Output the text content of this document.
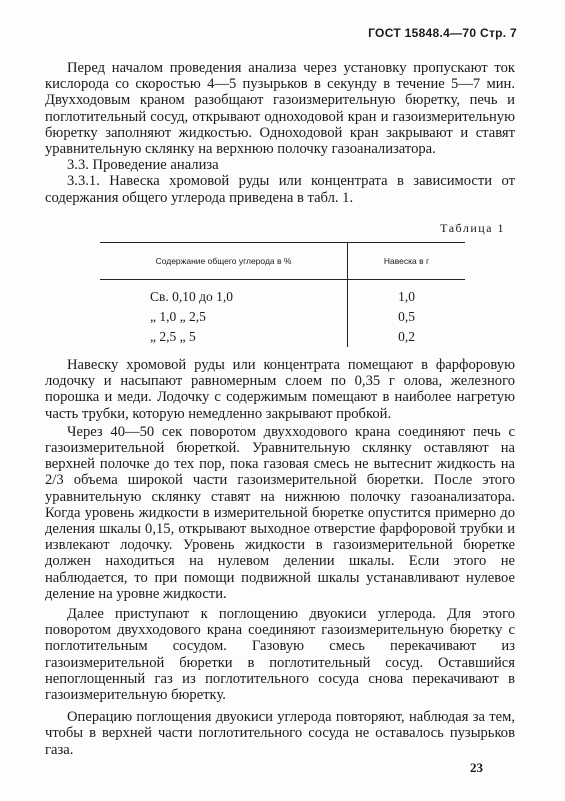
ГОСТ 15848.4—70 Стр. 7

Перед началом проведения анализа через установку пропускают ток кислорода со скоростью 4—5 пузырьков в секунду в течение 5—7 мин. Двухходовым краном разобщают газоизмерительную бюретку, печь и поглотительный сосуд, открывают одноходовой кран и газоизмерительную бюретку заполняют жидкостью. Одноходовой кран закрывают и ставят уравнительную склянку на верхнюю полочку газоанализатора.

3.3. Проведение анализа

3.3.1. Навеска хромовой руды или концентрата в зависимости от содержания общего углерода приведена в табл. 1.

Таблица 1
Содержание общего углерода в %	Навеска в г
Св. 0,10 до 1,0	1,0
„ 1,0 „ 2,5	0,5
„ 2,5 „ 5	0,2

Навеску хромовой руды или концентрата помещают в фарфоровую лодочку и насыпают равномерным слоем по 0,35 г олова, железного порошка и меди. Лодочку с содержимым помещают в наиболее нагретую часть трубки, которую немедленно закрывают пробкой.

Через 40—50 сек поворотом двухходового крана соединяют печь с газоизмерительной бюреткой. Уравнительную склянку оставляют на верхней полочке до тех пор, пока газовая смесь не вытеснит жидкость на 2/3 объема широкой части газоизмерительной бюретки. После этого уравнительную склянку ставят на нижнюю полочку газоанализатора. Когда уровень жидкости в измерительной бюретке опустится примерно до деления шкалы 0,15, открывают выходное отверстие фарфоровой трубки и извлекают лодочку. Уровень жидкости в газоизмерительной бюретке должен находиться на нулевом делении шкалы. Если этого не наблюдается, то при помощи подвижной шкалы устанавливают нулевое деление на уровне жидкости.

Далее приступают к поглощению двуокиси углерода. Для этого поворотом двухходового крана соединяют газоизмерительную бюретку с поглотительным сосудом. Газовую смесь перекачивают из газоизмерительной бюретки в поглотительный сосуд. Оставшийся непоглощенный газ из поглотительного сосуда снова перекачивают в газоизмерительную бюретку.

Операцию поглощения двуокиси углерода повторяют, наблюдая за тем, чтобы в верхней части поглотительного сосуда не оставалось пузырьков газа.

23
